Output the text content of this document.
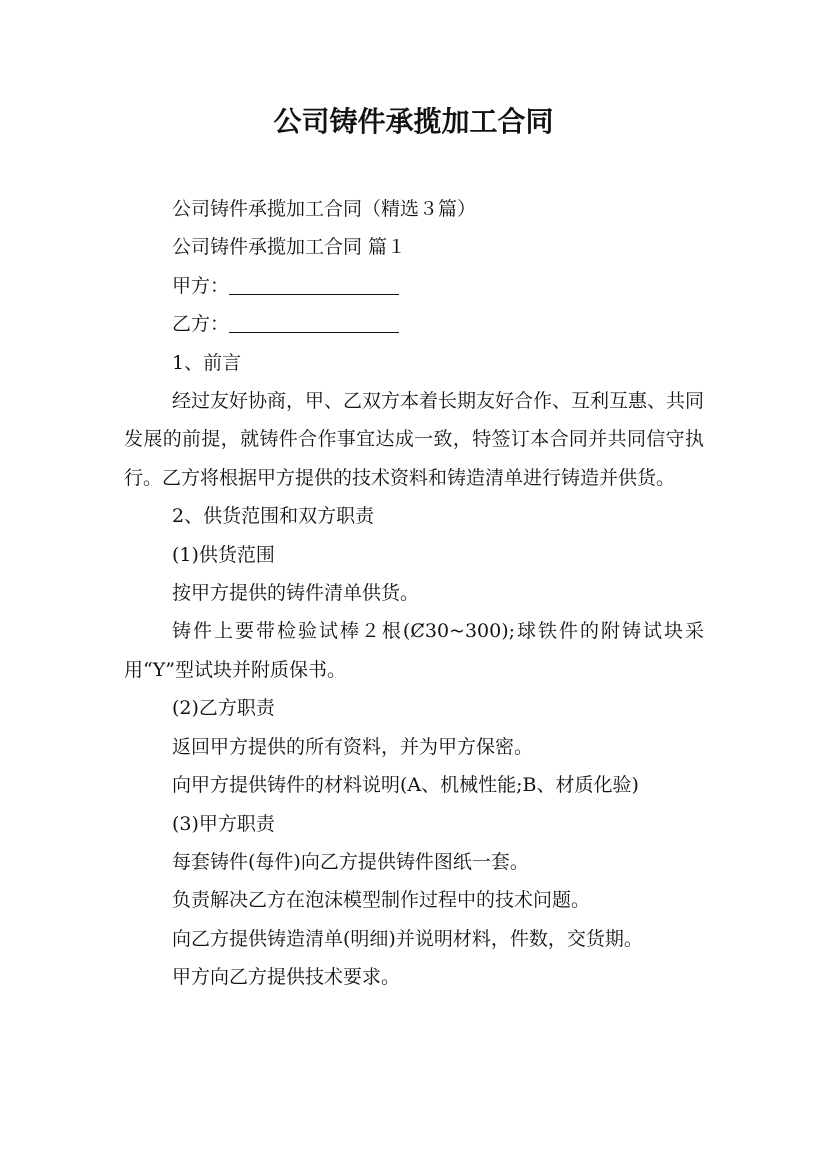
公司铸件承揽加工合同

公司铸件承揽加工合同（精选３篇）

公司铸件承揽加工合同 篇１

甲方：

乙方：

1、前言

经过友好协商，甲、乙双方本着长期友好合作、互利互惠、共同发展的前提，就铸件合作事宜达成一致，特签订本合同并共同信守执行。乙方将根据甲方提供的技术资料和铸造清单进行铸造并供货。

2、供货范围和双方职责

(1)供货范围

按甲方提供的铸件清单供货。

铸件上要带检验试棒２根(Ȼ30~300);球铁件的附铸试块采用“Y”型试块并附质保书。

(2)乙方职责

返回甲方提供的所有资料，并为甲方保密。

向甲方提供铸件的材料说明(A、机械性能;B、材质化验)

(3)甲方职责

每套铸件(每件)向乙方提供铸件图纸一套。

负责解决乙方在泡沫模型制作过程中的技术问题。

向乙方提供铸造清单(明细)并说明材料，件数，交货期。

甲方向乙方提供技术要求。
